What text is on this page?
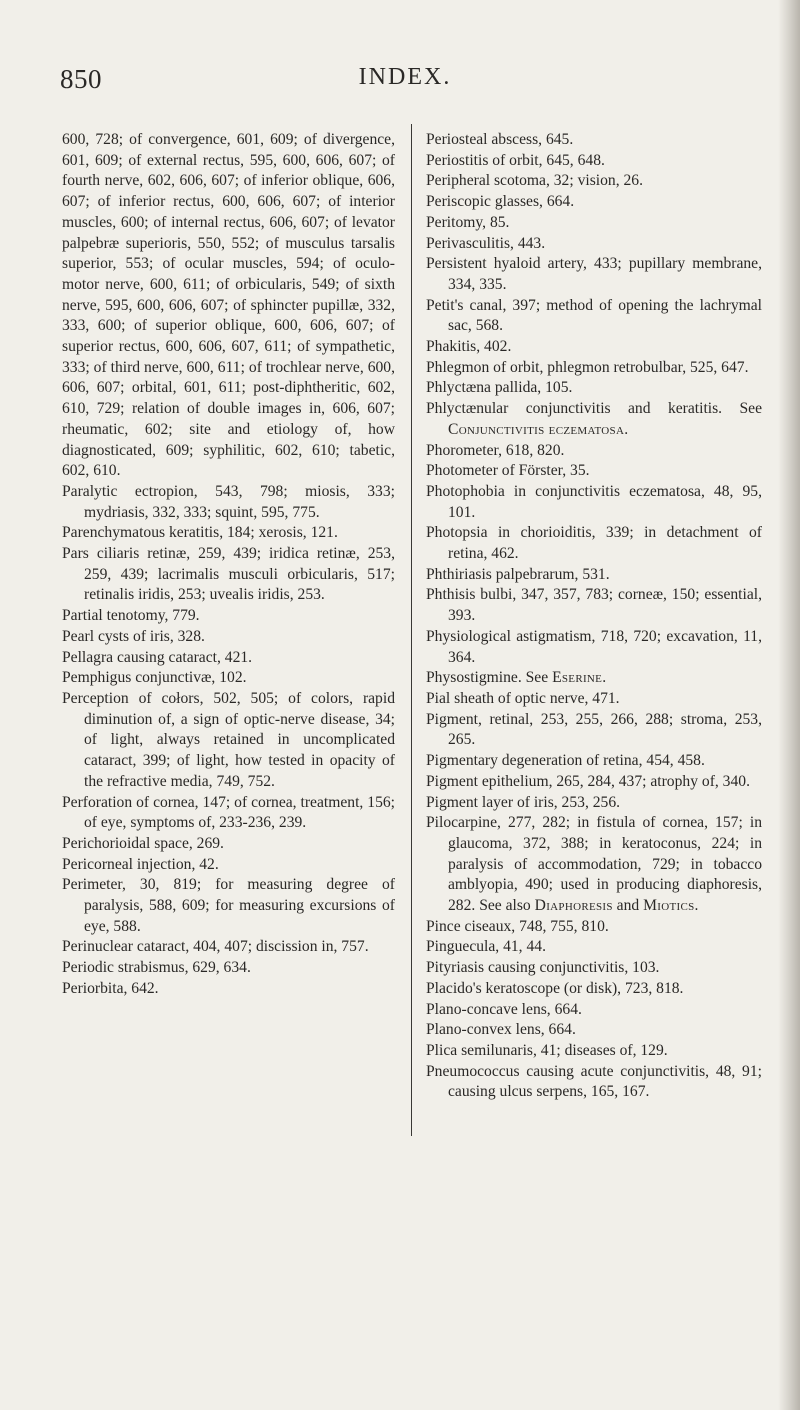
850	INDEX.

600, 728; of convergence, 601, 609; of divergence, 601, 609; of external rectus, 595, 600, 606, 607; of fourth nerve, 602, 606, 607; of inferior oblique, 606, 607; of inferior rectus, 600, 606, 607; of interior muscles, 600; of internal rectus, 606, 607; of levator palpebræ superioris, 550, 552; of musculus tarsalis superior, 553; of ocular muscles, 594; of oculo-motor nerve, 600, 611; of orbicularis, 549; of sixth nerve, 595, 600, 606, 607; of sphincter pupillæ, 332, 333, 600; of superior oblique, 600, 606, 607; of superior rectus, 600, 606, 607, 611; of sympathetic, 333; of third nerve, 600, 611; of trochlear nerve, 600, 606, 607; orbital, 601, 611; post-diphtheritic, 602, 610, 729; relation of double images in, 606, 607; rheumatic, 602; site and etiology of, how diagnosticated, 609; syphilitic, 602, 610; tabetic, 602, 610.

Paralytic ectropion, 543, 798; miosis, 333; mydriasis, 332, 333; squint, 595, 775.

Parenchymatous keratitis, 184; xerosis, 121.

Pars ciliaris retinæ, 259, 439; iridica retinæ, 253, 259, 439; lacrimalis musculi orbicularis, 517; retinalis iridis, 253; uvealis iridis, 253.

Partial tenotomy, 779.

Pearl cysts of iris, 328.

Pellagra causing cataract, 421.

Pemphigus conjunctivæ, 102.

Perception of cołors, 502, 505; of colors, rapid diminution of, a sign of optic-nerve disease, 34; of light, always retained in uncomplicated cataract, 399; of light, how tested in opacity of the refractive media, 749, 752.

Perforation of cornea, 147; of cornea, treatment, 156; of eye, symptoms of, 233-236, 239.

Perichorioidal space, 269.

Pericorneal injection, 42.

Perimeter, 30, 819; for measuring degree of paralysis, 588, 609; for measuring excursions of eye, 588.

Perinuclear cataract, 404, 407; discission in, 757.

Periodic strabismus, 629, 634.

Periorbita, 642.

Periosteal abscess, 645.

Periostitis of orbit, 645, 648.

Peripheral scotoma, 32; vision, 26.

Periscopic glasses, 664.

Peritomy, 85.

Perivasculitis, 443.

Persistent hyaloid artery, 433; pupillary membrane, 334, 335.

Petit's canal, 397; method of opening the lachrymal sac, 568.

Phakitis, 402.

Phlegmon of orbit, phlegmon retrobulbar, 525, 647.

Phlyctæna pallida, 105.

Phlyctænular conjunctivitis and keratitis. See Conjunctivitis eczematosa.

Phorometer, 618, 820.

Photometer of Förster, 35.

Photophobia in conjunctivitis eczematosa, 48, 95, 101.

Photopsia in chorioiditis, 339; in detachment of retina, 462.

Phthiriasis palpebrarum, 531.

Phthisis bulbi, 347, 357, 783; corneæ, 150; essential, 393.

Physiological astigmatism, 718, 720; excavation, 11, 364.

Physostigmine. See Eserine.

Pial sheath of optic nerve, 471.

Pigment, retinal, 253, 255, 266, 288; stroma, 253, 265.

Pigmentary degeneration of retina, 454, 458.

Pigment epithelium, 265, 284, 437; atrophy of, 340.

Pigment layer of iris, 253, 256.

Pilocarpine, 277, 282; in fistula of cornea, 157; in glaucoma, 372, 388; in keratoconus, 224; in paralysis of accommodation, 729; in tobacco amblyopia, 490; used in producing diaphoresis, 282. See also Diaphoresis and Miotics.

Pince ciseaux, 748, 755, 810.

Pinguecula, 41, 44.

Pityriasis causing conjunctivitis, 103.

Placido's keratoscope (or disk), 723, 818.

Plano-concave lens, 664.

Plano-convex lens, 664.

Plica semilunaris, 41; diseases of, 129.

Pneumococcus causing acute conjunctivitis, 48, 91; causing ulcus serpens, 165, 167.
